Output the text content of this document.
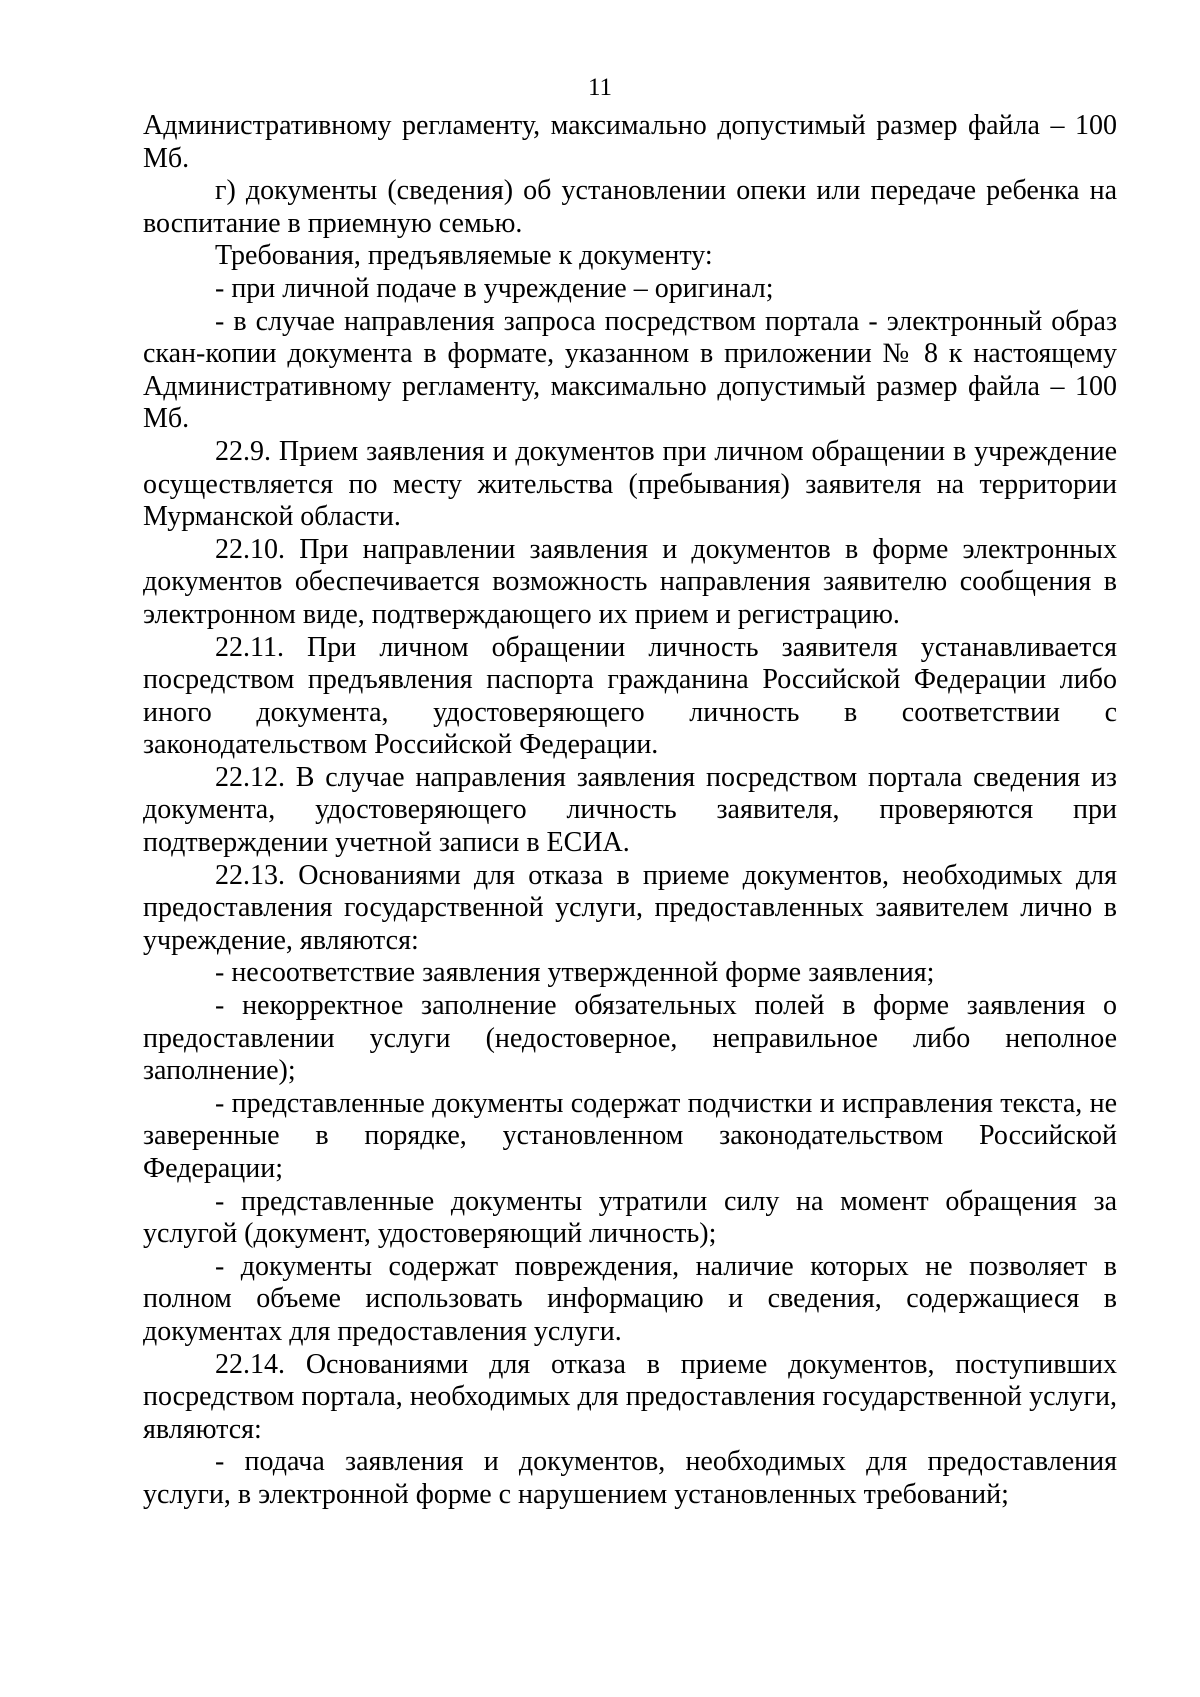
11

Административному регламенту, максимально допустимый размер файла – 100 Мб.

г) документы (сведения) об установлении опеки или передаче ребенка на воспитание в приемную семью.

Требования, предъявляемые к документу:

- при личной подаче в учреждение – оригинал;

- в случае направления запроса посредством портала - электронный образ скан-копии документа в формате, указанном в приложении № 8 к настоящему Административному регламенту, максимально допустимый размер файла – 100 Мб.

22.9. Прием заявления и документов при личном обращении в учреждение осуществляется по месту жительства (пребывания) заявителя на территории Мурманской области.

22.10. При направлении заявления и документов в форме электронных документов обеспечивается возможность направления заявителю сообщения в электронном виде, подтверждающего их прием и регистрацию.

22.11. При личном обращении личность заявителя устанавливается посредством предъявления паспорта гражданина Российской Федерации либо иного документа, удостоверяющего личность в соответствии с законодательством Российской Федерации.

22.12. В случае направления заявления посредством портала сведения из документа, удостоверяющего личность заявителя, проверяются при подтверждении учетной записи в ЕСИА.

22.13. Основаниями для отказа в приеме документов, необходимых для предоставления государственной услуги, предоставленных заявителем лично в учреждение, являются:

- несоответствие заявления утвержденной форме заявления;

- некорректное заполнение обязательных полей в форме заявления о предоставлении услуги (недостоверное, неправильное либо неполное заполнение);

- представленные документы содержат подчистки и исправления текста, не заверенные в порядке, установленном законодательством Российской Федерации;

- представленные документы утратили силу на момент обращения за услугой (документ, удостоверяющий личность);

- документы содержат повреждения, наличие которых не позволяет в полном объеме использовать информацию и сведения, содержащиеся в документах для предоставления услуги.

22.14. Основаниями для отказа в приеме документов, поступивших посредством портала, необходимых для предоставления государственной услуги, являются:

- подача заявления и документов, необходимых для предоставления услуги, в электронной форме с нарушением установленных требований;
